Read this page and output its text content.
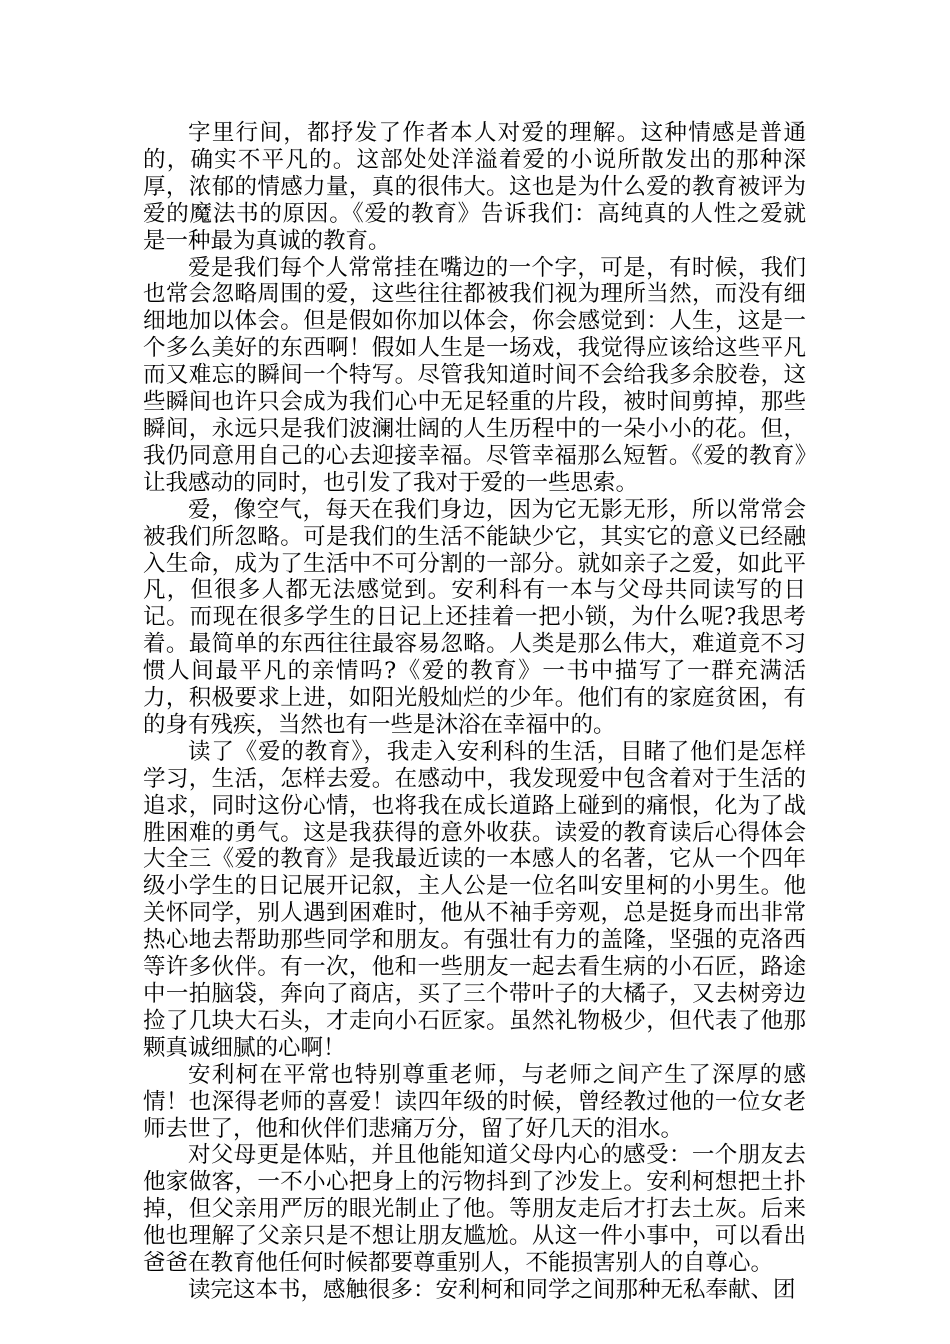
字里行间，都抒发了作者本人对爱的理解。这种情感是普通的，确实不平凡的。这部处处洋溢着爱的小说所散发出的那种深厚，浓郁的情感力量，真的很伟大。这也是为什么爱的教育被评为爱的魔法书的原因。《爱的教育》告诉我们：高纯真的人性之爱就是一种最为真诚的教育。

爱是我们每个人常常挂在嘴边的一个字，可是，有时候，我们也常会忽略周围的爱，这些往往都被我们视为理所当然，而没有细细地加以体会。但是假如你加以体会，你会感觉到：人生，这是一个多么美好的东西啊！假如人生是一场戏，我觉得应该给这些平凡而又难忘的瞬间一个特写。尽管我知道时间不会给我多余胶卷，这些瞬间也许只会成为我们心中无足轻重的片段，被时间剪掉，那些瞬间，永远只是我们波澜壮阔的人生历程中的一朵小小的花。但，我仍同意用自己的心去迎接幸福。尽管幸福那么短暂。《爱的教育》让我感动的同时，也引发了我对于爱的一些思索。

爱，像空气，每天在我们身边，因为它无影无形，所以常常会被我们所忽略。可是我们的生活不能缺少它，其实它的意义已经融入生命，成为了生活中不可分割的一部分。就如亲子之爱，如此平凡，但很多人都无法感觉到。安利科有一本与父母共同读写的日记。而现在很多学生的日记上还挂着一把小锁，为什么呢?我思考着。最简单的东西往往最容易忽略。人类是那么伟大，难道竟不习惯人间最平凡的亲情吗?《爱的教育》一书中描写了一群充满活力，积极要求上进，如阳光般灿烂的少年。他们有的家庭贫困，有的身有残疾，当然也有一些是沐浴在幸福中的。

读了《爱的教育》，我走入安利科的生活，目睹了他们是怎样学习，生活，怎样去爱。在感动中，我发现爱中包含着对于生活的追求，同时这份心情，也将我在成长道路上碰到的痛恨，化为了战胜困难的勇气。这是我获得的意外收获。读爱的教育读后心得体会大全三《爱的教育》是我最近读的一本感人的名著，它从一个四年级小学生的日记展开记叙，主人公是一位名叫安里柯的小男生。他关怀同学，别人遇到困难时，他从不袖手旁观，总是挺身而出非常热心地去帮助那些同学和朋友。有强壮有力的盖隆，坚强的克洛西等许多伙伴。有一次，他和一些朋友一起去看生病的小石匠，路途中一拍脑袋，奔向了商店，买了三个带叶子的大橘子，又去树旁边捡了几块大石头，才走向小石匠家。虽然礼物极少，但代表了他那颗真诚细腻的心啊！

安利柯在平常也特别尊重老师，与老师之间产生了深厚的感情！也深得老师的喜爱！读四年级的时候，曾经教过他的一位女老师去世了，他和伙伴们悲痛万分，留了好几天的泪水。

对父母更是体贴，并且他能知道父母内心的感受：一个朋友去他家做客，一不小心把身上的污物抖到了沙发上。安利柯想把土扑掉，但父亲用严厉的眼光制止了他。等朋友走后才打去土灰。后来他也理解了父亲只是不想让朋友尴尬。从这一件小事中，可以看出爸爸在教育他任何时候都要尊重别人，不能损害别人的自尊心。

读完这本书，感触很多：安利柯和同学之间那种无私奉献、团
